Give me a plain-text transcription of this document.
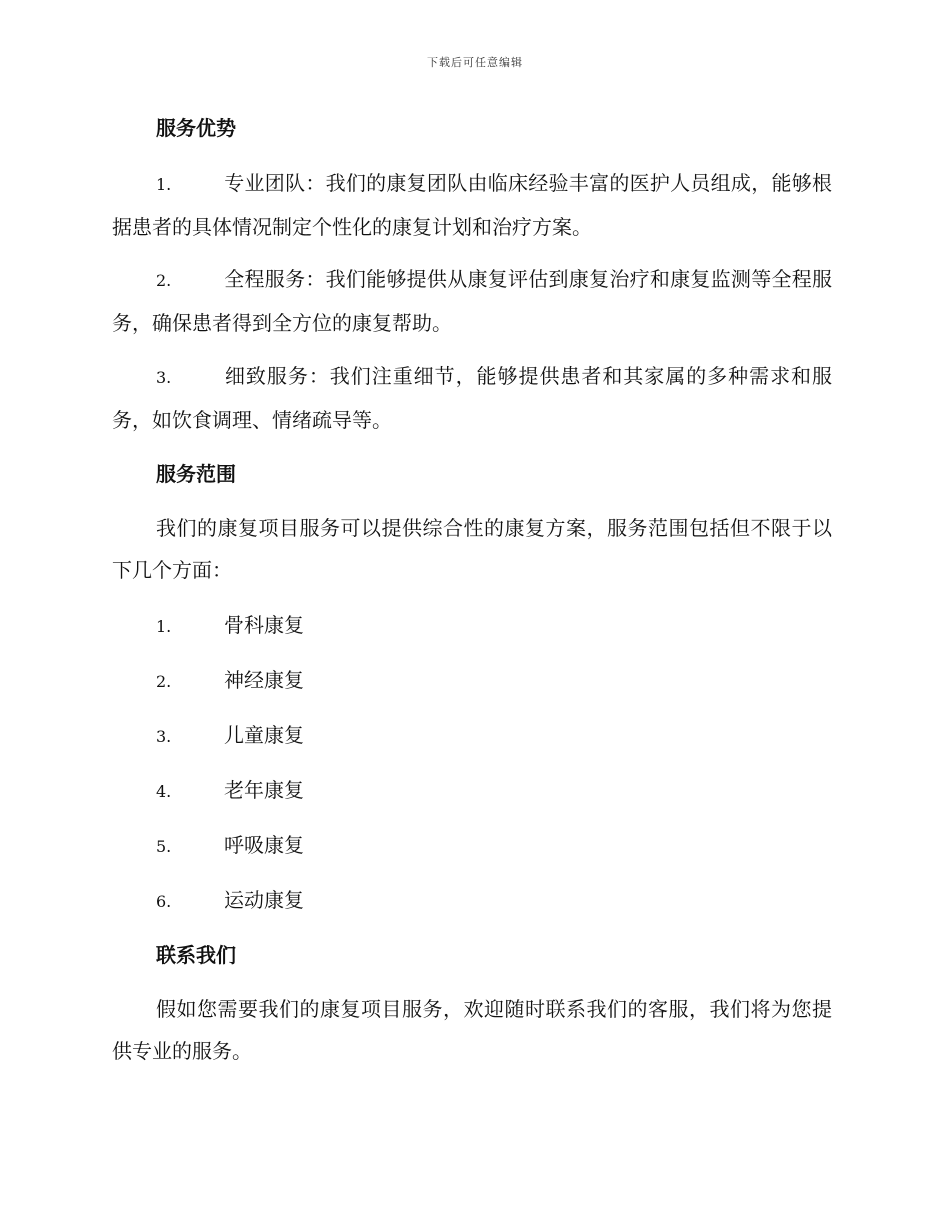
下载后可任意编辑
服务优势

1.	专业团队：我们的康复团队由临床经验丰富的医护人员组成，能够根据患者的具体情况制定个性化的康复计划和治疗方案。

2.	全程服务：我们能够提供从康复评估到康复治疗和康复监测等全程服务，确保患者得到全方位的康复帮助。

3.	细致服务：我们注重细节，能够提供患者和其家属的多种需求和服务，如饮食调理、情绪疏导等。

服务范围

我们的康复项目服务可以提供综合性的康复方案，服务范围包括但不限于以下几个方面：

1.	骨科康复
2.	神经康复
3.	儿童康复
4.	老年康复
5.	呼吸康复
6.	运动康复
联系我们

假如您需要我们的康复项目服务，欢迎随时联系我们的客服，我们将为您提供专业的服务。
